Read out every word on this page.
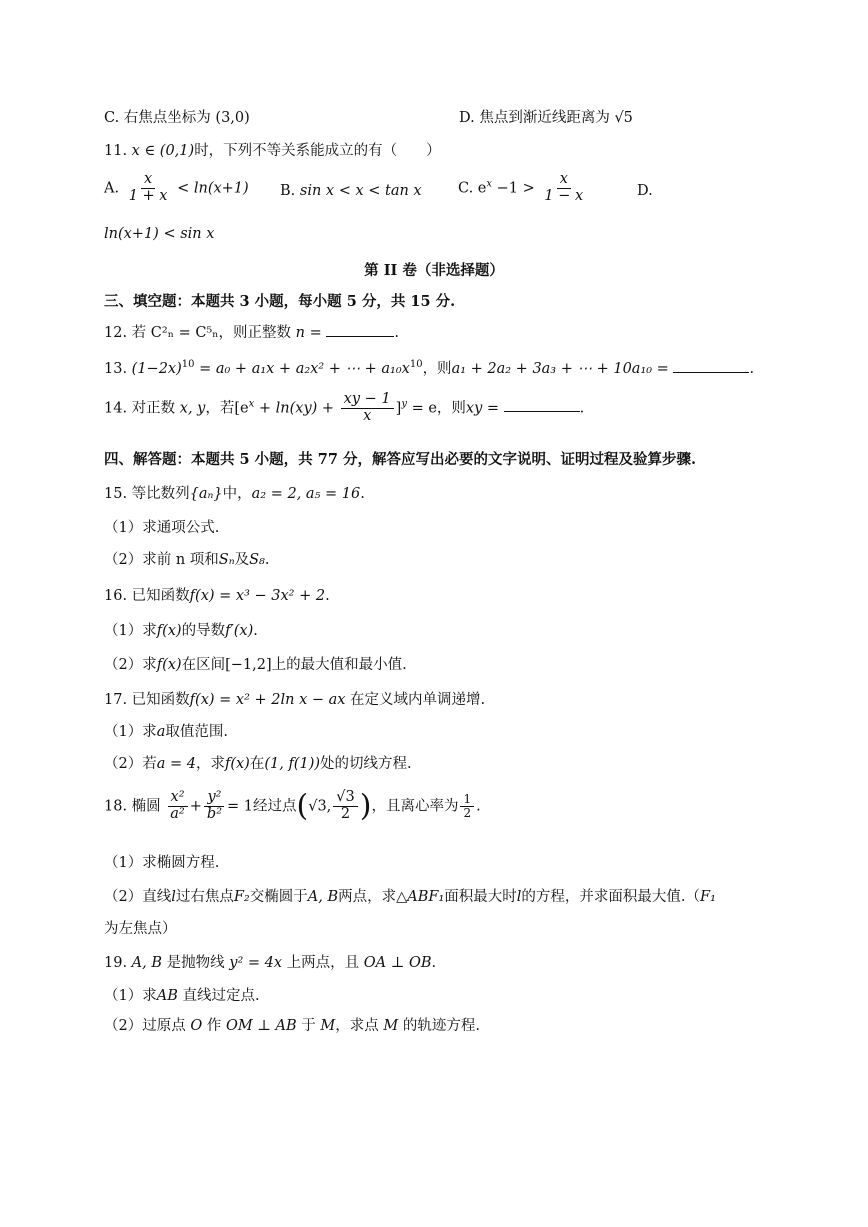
C. 右焦点坐标为 (3,0)	D. 焦点到渐近线距离为 √5
11. x ∈ (0,1)时，下列不等关系能成立的有（　　）
A. $\frac{x}{1 + x} < \ln(x+1)$ B. sin x < x < tan x	C. $e^x -1 > \frac{x}{1 - x}$	D.
ln(x+1) < sin x
第 II 卷（非选择题）
三、填空题：本题共 3 小题，每小题 5 分，共 15 分.
12. 若 C²ₙ = C⁵ₙ，则正整数 n =	.
13. $(1-2x)^{10} = a_0 + a_1x + a_2x^2$ + ⋯ + $a_{10}x^{10}$，则a₁ + 2a₂ + 3a₃ + ⋯ + 10a₁₀ =	.
14. 对正数 x, y，若$[e^x + \ln(xy) + \frac{xy - 1}{x} ]^y = e$，则xy =	.
四、解答题：本题共 5 小题，共 77 分，解答应写出必要的文字说明、证明过程及验算步骤.
15. 等比数列{aₙ}中，a₂ = 2, a₅ = 16.
（1）求通项公式.
（2）求前 n 项和Sₙ及S₈.
16. 已知函数f(x) = x³ − 3x² + 2.
（1）求f(x)的导数f′(x).
（2）求f(x)在区间[−1,2]上的最大值和最小值.
17. 已知函数f(x) = x² + 2ln x − ax 在定义域内单调递增.
（1）求a取值范围.
（2）若a = 4，求f(x)在(1, f(1))处的切线方程.
18. 椭圆 $\frac{\text{x²}}{\text{a²}} + \frac{\text{y²}}{\text{b²}} = 1$经过点(√3, $\frac{√3}{2}$ )，且离心率为 $\frac{1}{2}$ .
（1）求椭圆方程.
（2）直线l过右焦点F₂交椭圆于A, B两点，求△ABF₁面积最大时l的方程，并求面积最大值.（F₁
为左焦点）
19. A, B 是抛物线 y² = 4x 上两点，且 OA ⊥ OB.
（1）求AB 直线过定点.
（2）过原点 O 作 OM ⊥ AB 于 M，求点 M 的轨迹方程.
